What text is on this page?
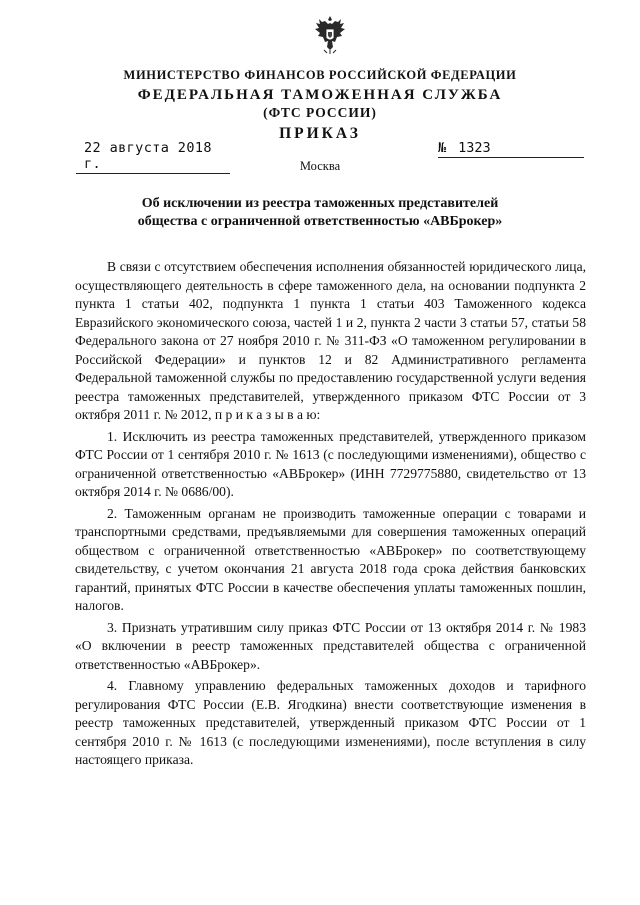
МИНИСТЕРСТВО ФИНАНСОВ РОССИЙСКОЙ ФЕДЕРАЦИИ
ФЕДЕРАЛЬНАЯ ТАМОЖЕННАЯ СЛУЖБА
(ФТС РОССИИ)
ПРИКАЗ
22 августа 2018 г.
№ 1323
Москва
Об исключении из реестра таможенных представителей
общества с ограниченной ответственностью «АВБрокер»

В связи с отсутствием обеспечения исполнения обязанностей юридического лица, осуществляющего деятельность в сфере таможенного дела, на основании подпункта 2 пункта 1 статьи 402, подпункта 1 пункта 1 статьи 403 Таможенного кодекса Евразийского экономического союза, частей 1 и 2, пункта 2 части 3 статьи 57, статьи 58 Федерального закона от 27 ноября 2010 г. № 311-ФЗ «О таможенном регулировании в Российской Федерации» и пунктов 12 и 82 Административного регламента Федеральной таможенной службы по предоставлению государственной услуги ведения реестра таможенных представителей, утвержденного приказом ФТС России от 3 октября 2011 г. № 2012, п р и к а з ы в а ю:

1. Исключить из реестра таможенных представителей, утвержденного приказом ФТС России от 1 сентября 2010 г. № 1613 (с последующими изменениями), общество с ограниченной ответственностью «АВБрокер» (ИНН 7729775880, свидетельство от 13 октября 2014 г. № 0686/00).

2. Таможенным органам не производить таможенные операции с товарами и транспортными средствами, предъявляемыми для совершения таможенных операций обществом с ограниченной ответственностью «АВБрокер» по соответствующему свидетельству, с учетом окончания 21 августа 2018 года срока действия банковских гарантий, принятых ФТС России в качестве обеспечения уплаты таможенных пошлин, налогов.

3. Признать утратившим силу приказ ФТС России от 13 октября 2014 г. № 1983 «О включении в реестр таможенных представителей общества с ограниченной ответственностью «АВБрокер».

4. Главному управлению федеральных таможенных доходов и тарифного регулирования ФТС России (Е.В. Ягодкина) внести соответствующие изменения в реестр таможенных представителей, утвержденный приказом ФТС России от 1 сентября 2010 г. № 1613 (с последующими изменениями), после вступления в силу настоящего приказа.
